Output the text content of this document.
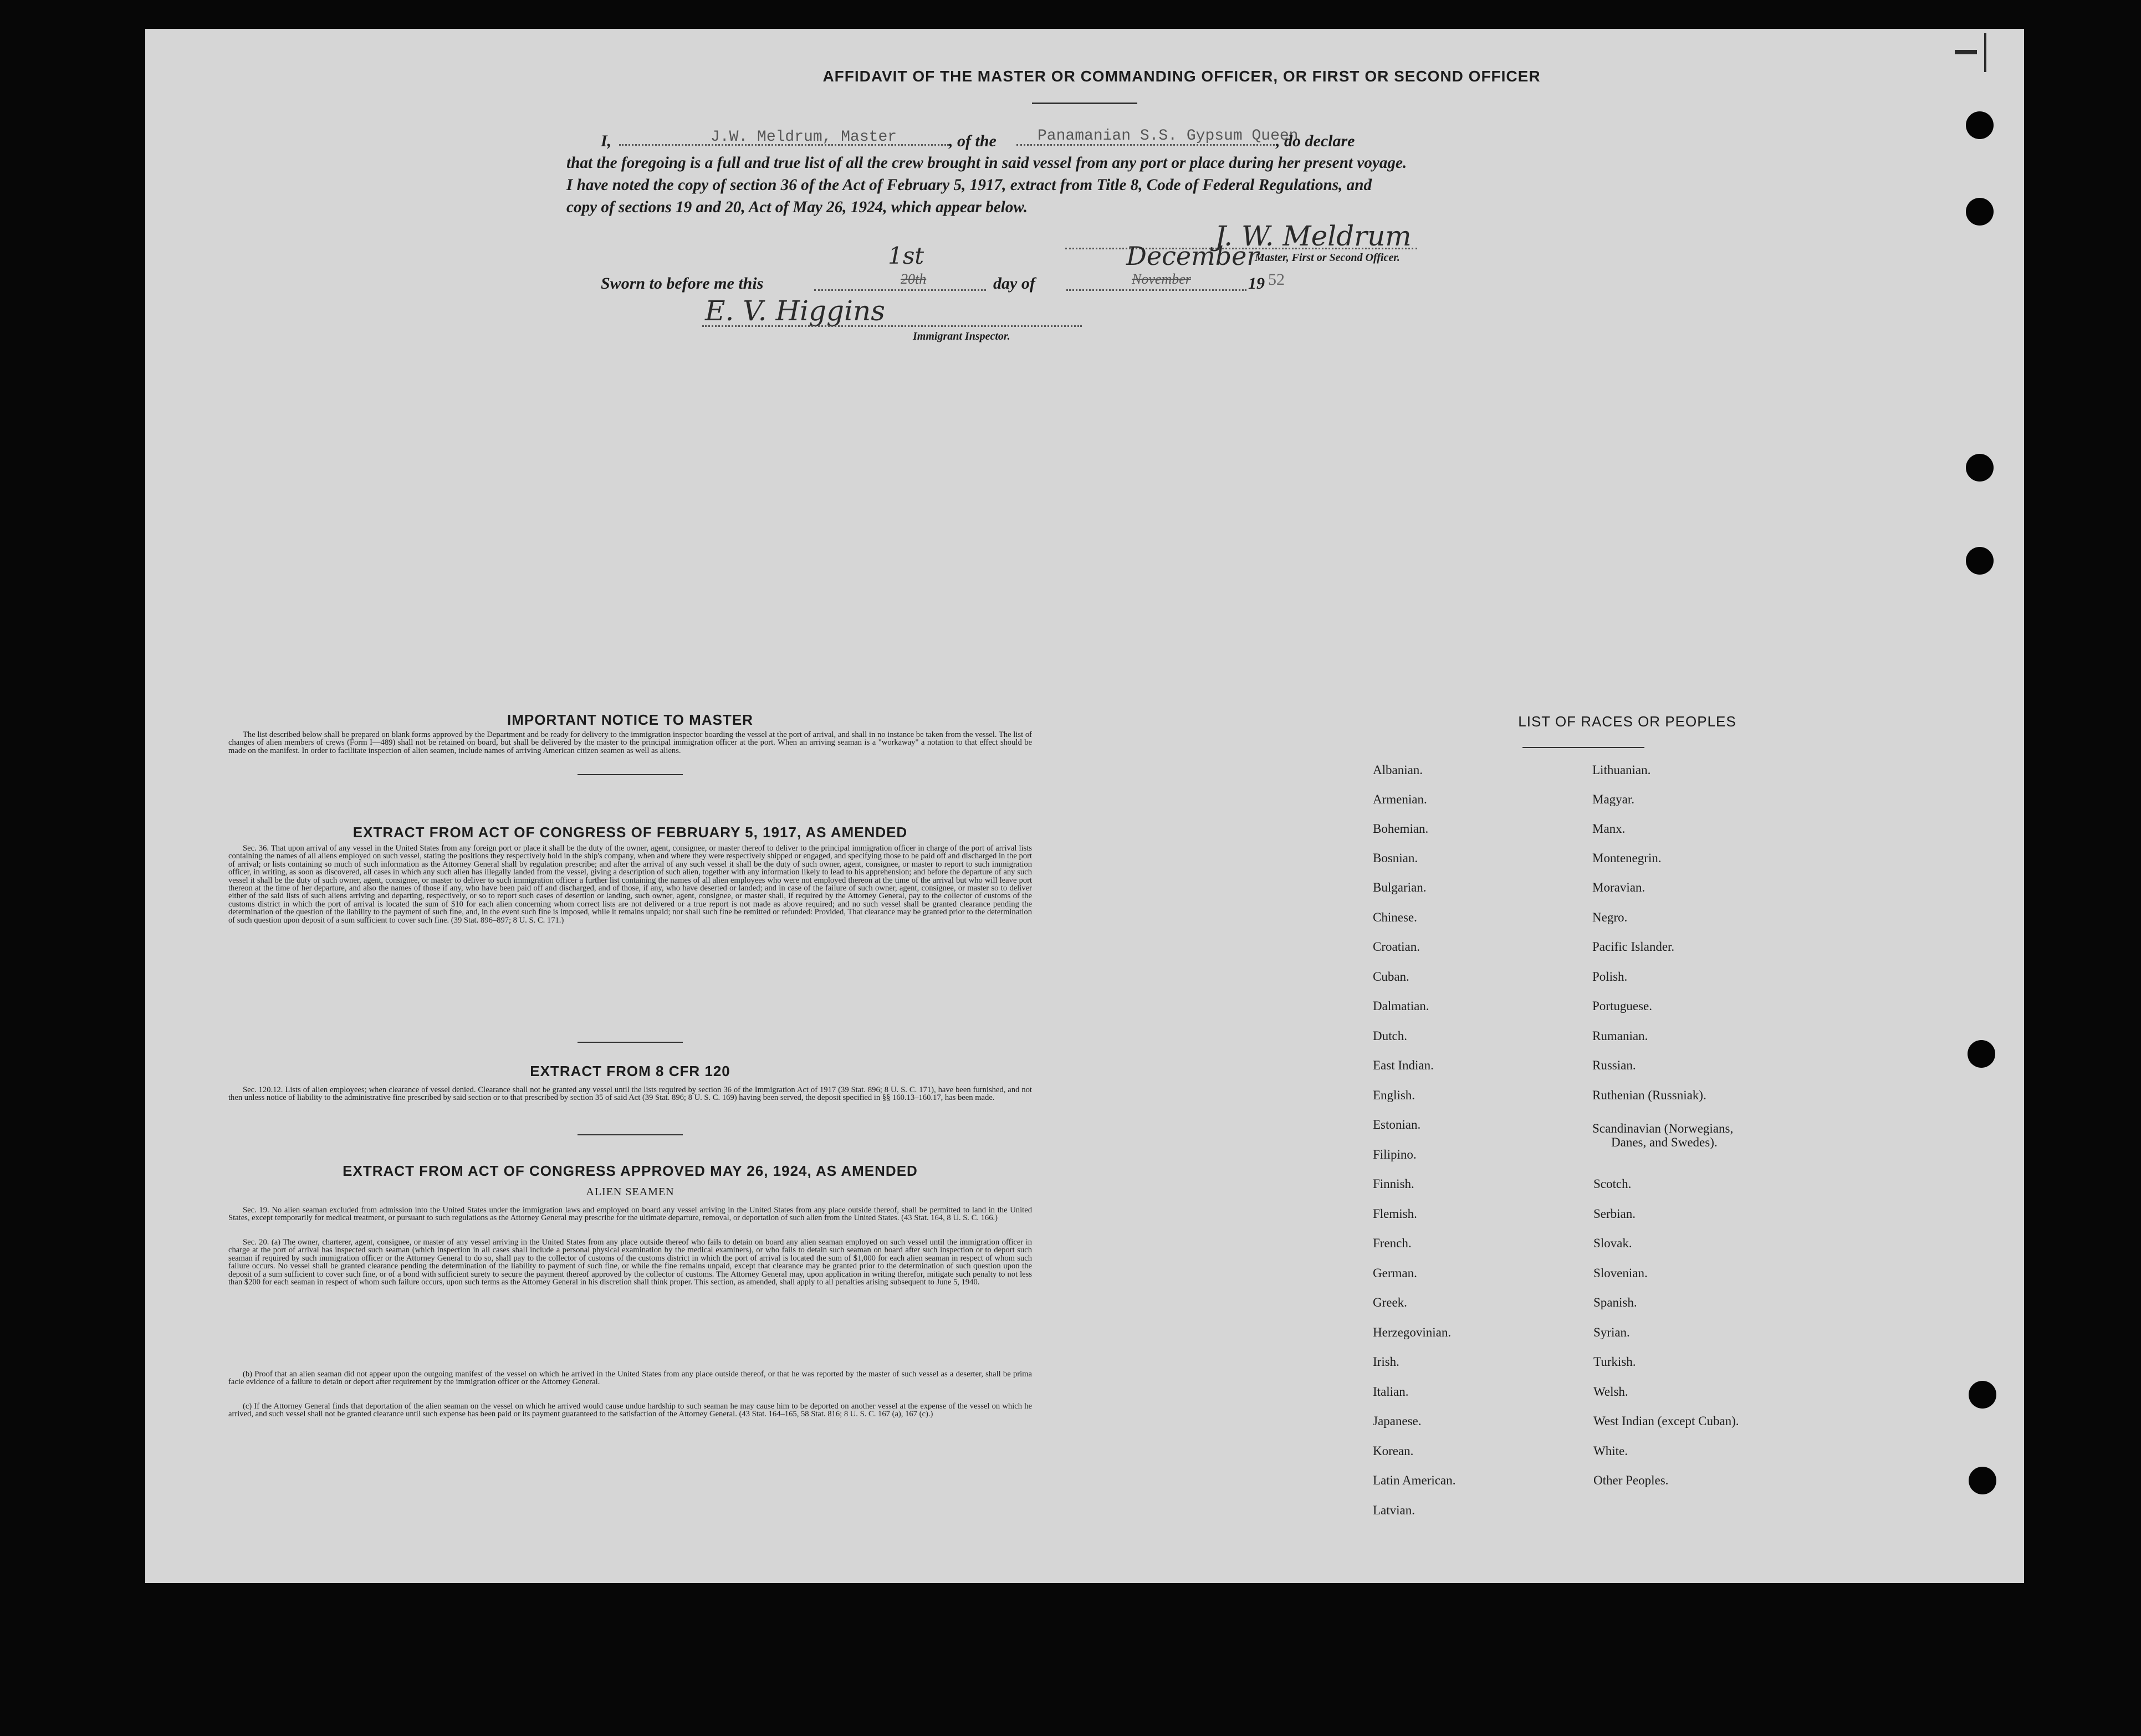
AFFIDAVIT OF THE MASTER OR COMMANDING OFFICER, OR FIRST OR SECOND OFFICER
I,	J.W. Meldrum, Master	, of the	Panamanian S.S. Gypsum Queen
, do declare
that the foregoing is a full and true list of all the crew brought in said vessel from any port or place during her present voyage.
I have noted the copy of section 36 of the Act of February 5, 1917, extract from Title 8, Code of Federal Regulations, and
copy of sections 19 and 20, Act of May 26, 1924, which appear below.
J. W. Meldrum
Master, First or Second Officer.
Sworn to before me this
1st
20th	day of
December
November	19 52
E. V. Higgins
Immigrant Inspector.
IMPORTANT NOTICE TO MASTER
The list described below shall be prepared on blank forms approved by the Department and be ready for delivery to the immigration inspector boarding the vessel at the port of arrival, and shall in no instance be taken from the vessel. The list of changes of alien members of crews (Form I—489) shall not be retained on board, but shall be delivered by the master to the principal immigration officer at the port. When an arriving seaman is a "workaway" a notation to that effect should be made on the manifest. In order to facilitate inspection of alien seamen, include names of arriving American citizen seamen as well as aliens.
EXTRACT FROM ACT OF CONGRESS OF FEBRUARY 5, 1917, AS AMENDED
Sec. 36. That upon arrival of any vessel in the United States from any foreign port or place it shall be the duty of the owner, agent, consignee, or master thereof to deliver to the principal immigration officer in charge of the port of arrival lists containing the names of all aliens employed on such vessel, stating the positions they respectively hold in the ship's company, when and where they were respectively shipped or engaged, and specifying those to be paid off and discharged in the port of arrival; or lists containing so much of such information as the Attorney General shall by regulation prescribe; and after the arrival of any such vessel it shall be the duty of such owner, agent, consignee, or master to report to such immigration officer, in writing, as soon as discovered, all cases in which any such alien has illegally landed from the vessel, giving a description of such alien, together with any information likely to lead to his apprehension; and before the departure of any such vessel it shall be the duty of such owner, agent, consignee, or master to deliver to such immigration officer a further list containing the names of all alien employees who were not employed thereon at the time of the arrival but who will leave port thereon at the time of her departure, and also the names of those if any, who have been paid off and discharged, and of those, if any, who have deserted or landed; and in case of the failure of such owner, agent, consignee, or master so to deliver either of the said lists of such aliens arriving and departing, respectively, or so to report such cases of desertion or landing, such owner, agent, consignee, or master shall, if required by the Attorney General, pay to the collector of customs of the customs district in which the port of arrival is located the sum of $10 for each alien concerning whom correct lists are not delivered or a true report is not made as above required; and no such vessel shall be granted clearance pending the determination of the question of the liability to the payment of such fine, and, in the event such fine is imposed, while it remains unpaid; nor shall such fine be remitted or refunded: Provided, That clearance may be granted prior to the determination of such question upon deposit of a sum sufficient to cover such fine. (39 Stat. 896–897; 8 U. S. C. 171.)
EXTRACT FROM 8 CFR 120
Sec. 120.12. Lists of alien employees; when clearance of vessel denied. Clearance shall not be granted any vessel until the lists required by section 36 of the Immigration Act of 1917 (39 Stat. 896; 8 U. S. C. 171), have been furnished, and not then unless notice of liability to the administrative fine prescribed by said section or to that prescribed by section 35 of said Act (39 Stat. 896; 8 U. S. C. 169) having been served, the deposit specified in §§ 160.13–160.17, has been made.
EXTRACT FROM ACT OF CONGRESS APPROVED MAY 26, 1924, AS AMENDED
ALIEN SEAMEN
Sec. 19. No alien seaman excluded from admission into the United States under the immigration laws and employed on board any vessel arriving in the United States from any place outside thereof, shall be permitted to land in the United States, except temporarily for medical treatment, or pursuant to such regulations as the Attorney General may prescribe for the ultimate departure, removal, or deportation of such alien from the United States. (43 Stat. 164, 8 U. S. C. 166.)
Sec. 20. (a) The owner, charterer, agent, consignee, or master of any vessel arriving in the United States from any place outside thereof who fails to detain on board any alien seaman employed on such vessel until the immigration officer in charge at the port of arrival has inspected such seaman (which inspection in all cases shall include a personal physical examination by the medical examiners), or who fails to detain such seaman on board after such inspection or to deport such seaman if required by such immigration officer or the Attorney General to do so, shall pay to the collector of customs of the customs district in which the port of arrival is located the sum of $1,000 for each alien seaman in respect of whom such failure occurs. No vessel shall be granted clearance pending the determination of the liability to payment of such fine, or while the fine remains unpaid, except that clearance may be granted prior to the determination of such question upon the deposit of a sum sufficient to cover such fine, or of a bond with sufficient surety to secure the payment thereof approved by the collector of customs. The Attorney General may, upon application in writing therefor, mitigate such penalty to not less than $200 for each seaman in respect of whom such failure occurs, upon such terms as the Attorney General in his discretion shall think proper. This section, as amended, shall apply to all penalties arising subsequent to June 5, 1940.
(b) Proof that an alien seaman did not appear upon the outgoing manifest of the vessel on which he arrived in the United States from any place outside thereof, or that he was reported by the master of such vessel as a deserter, shall be prima facie evidence of a failure to detain or deport after requirement by the immigration officer or the Attorney General.
(c) If the Attorney General finds that deportation of the alien seaman on the vessel on which he arrived would cause undue hardship to such seaman he may cause him to be deported on another vessel at the expense of the vessel on which he arrived, and such vessel shall not be granted clearance until such expense has been paid or its payment guaranteed to the satisfaction of the Attorney General. (43 Stat. 164–165, 58 Stat. 816; 8 U. S. C. 167 (a), 167 (c).)
LIST OF RACES OR PEOPLES
Albanian.
Armenian.
Bohemian.
Bosnian.
Bulgarian.
Chinese.
Croatian.
Cuban.
Dalmatian.
Dutch.
East Indian.
English.
Estonian.
Filipino.
Finnish.
Flemish.
French.
German.
Greek.
Herzegovinian.
Irish.
Italian.
Japanese.
Korean.
Latin American.
Latvian.
Lithuanian.
Magyar.
Manx.
Montenegrin.
Moravian.
Negro.
Pacific Islander.
Polish.
Portuguese.
Rumanian.
Russian.
Ruthenian (Russniak).
Scandinavian (Norwegians,
Danes, and Swedes).
Scotch.
Serbian.
Slovak.
Slovenian.
Spanish.
Syrian.
Turkish.
Welsh.
West Indian (except Cuban).
White.
Other Peoples.
